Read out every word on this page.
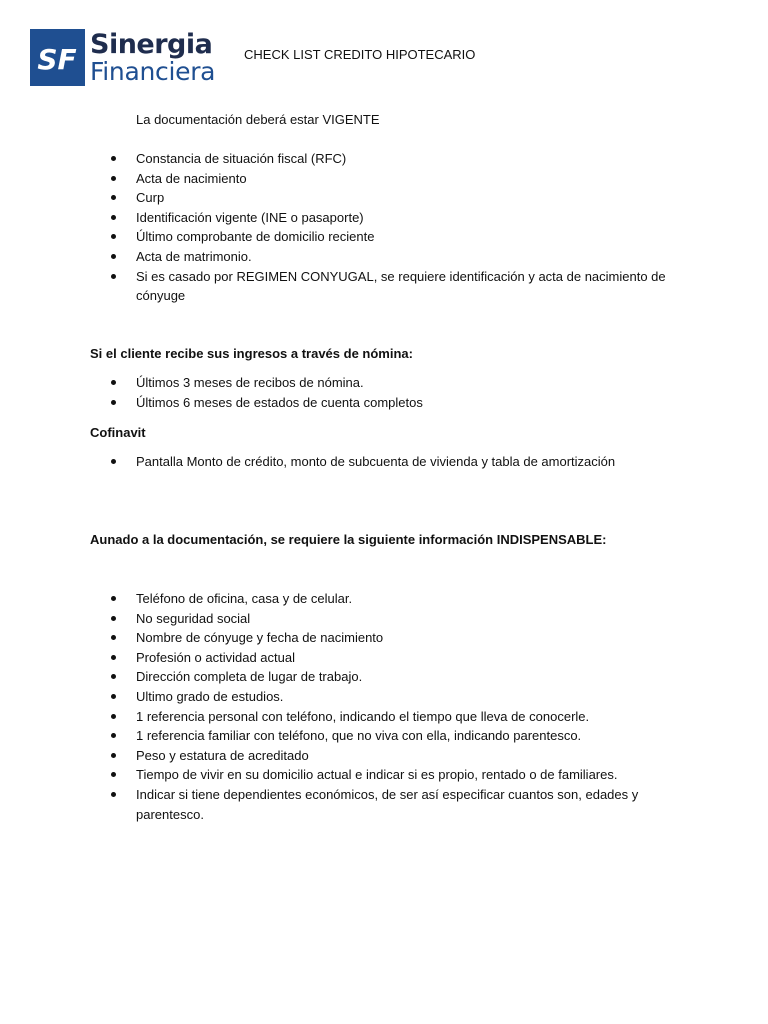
SF Sinergia
Financiera
CHECK LIST CREDITO HIPOTECARIO
La documentación deberá estar VIGENTE
Constancia de situación fiscal (RFC)
Acta de nacimiento
Curp
Identificación vigente (INE o pasaporte)
Último comprobante de domicilio reciente
Acta de matrimonio.
Si es casado por REGIMEN CONYUGAL, se requiere identificación y acta de nacimiento de cónyuge
Si el cliente recibe sus ingresos a través de nómina:
Últimos 3 meses de recibos de nómina.
Últimos 6 meses de estados de cuenta completos
Cofinavit
Pantalla Monto de crédito, monto de subcuenta de vivienda y tabla de amortización
Aunado a la documentación, se requiere la siguiente información INDISPENSABLE:
Teléfono de oficina, casa y de celular.
No seguridad social
Nombre de cónyuge y fecha de nacimiento
Profesión o actividad actual
Dirección completa de lugar de trabajo.
Ultimo grado de estudios.
1 referencia personal con teléfono, indicando el tiempo que lleva de conocerle.
1 referencia familiar con teléfono, que no viva con ella, indicando parentesco.
Peso y estatura de acreditado
Tiempo de vivir en su domicilio actual e indicar si es propio, rentado o de familiares.
Indicar si tiene dependientes económicos, de ser así especificar cuantos son, edades y parentesco.
